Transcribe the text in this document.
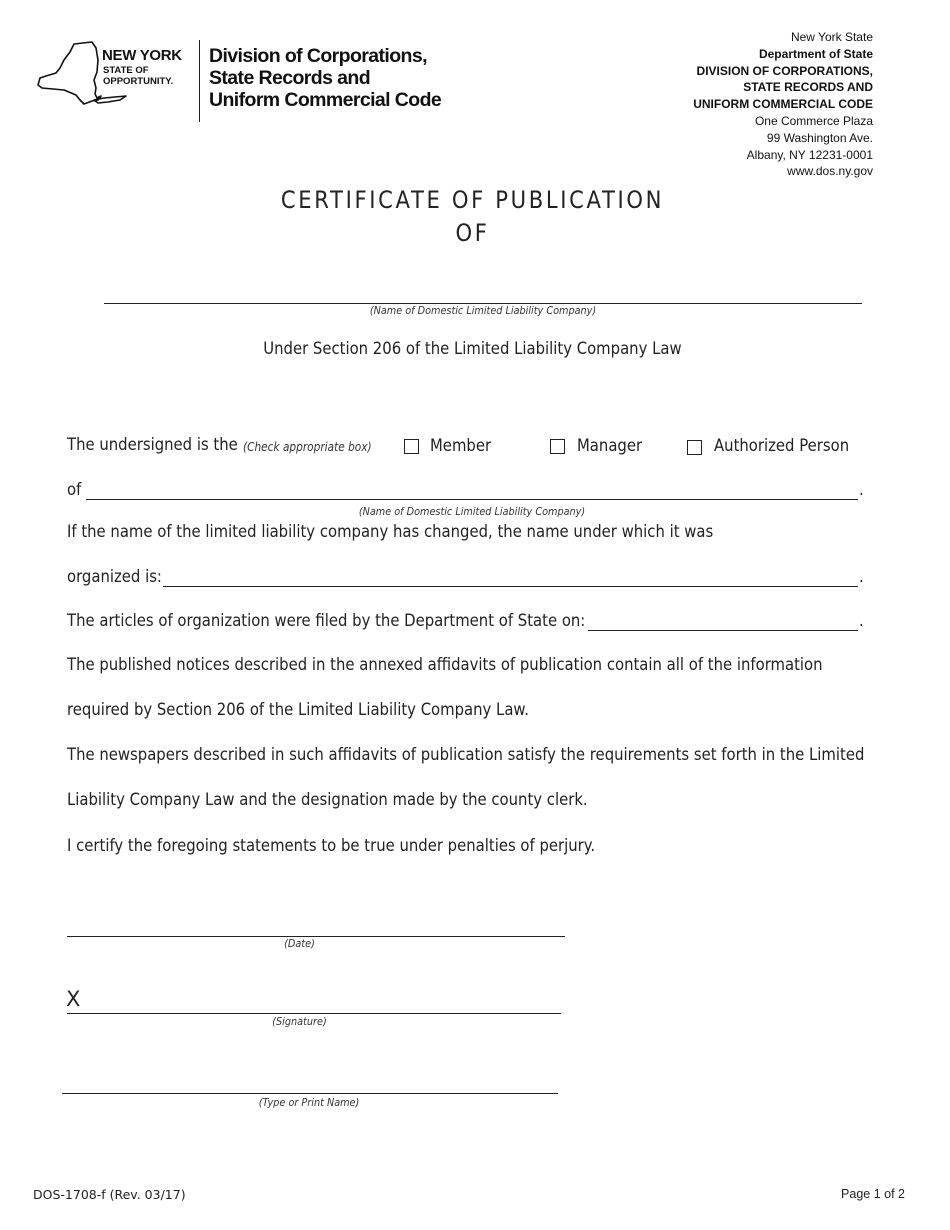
NEW YORK
STATE OF
OPPORTUNITY.
Division of Corporations,
State Records and
Uniform Commercial Code
New York State
Department of State
DIVISION OF CORPORATIONS,
STATE RECORDS AND
UNIFORM COMMERCIAL CODE
One Commerce Plaza
99 Washington Ave.
Albany, NY 12231-0001
www.dos.ny.gov
CERTIFICATE OF PUBLICATION
OF
(Name of Domestic Limited Liability Company)
Under Section 206 of the Limited Liability Company Law
The undersigned is the (Check appropriate box)	Member	Manager	Authorized Person
of	.
(Name of Domestic Limited Liability Company)
If the name of the limited liability company has changed, the name under which it was
organized is:	.
The articles of organization were filed by the Department of State on:	.
The published notices described in the annexed affidavits of publication contain all of the information
required by Section 206 of the Limited Liability Company Law.
The newspapers described in such affidavits of publication satisfy the requirements set forth in the Limited
Liability Company Law and the designation made by the county clerk.
I certify the foregoing statements to be true under penalties of perjury.
(Date)
X
(Signature)
(Type or Print Name)
DOS-1708-f (Rev. 03/17)	Page 1 of 2
